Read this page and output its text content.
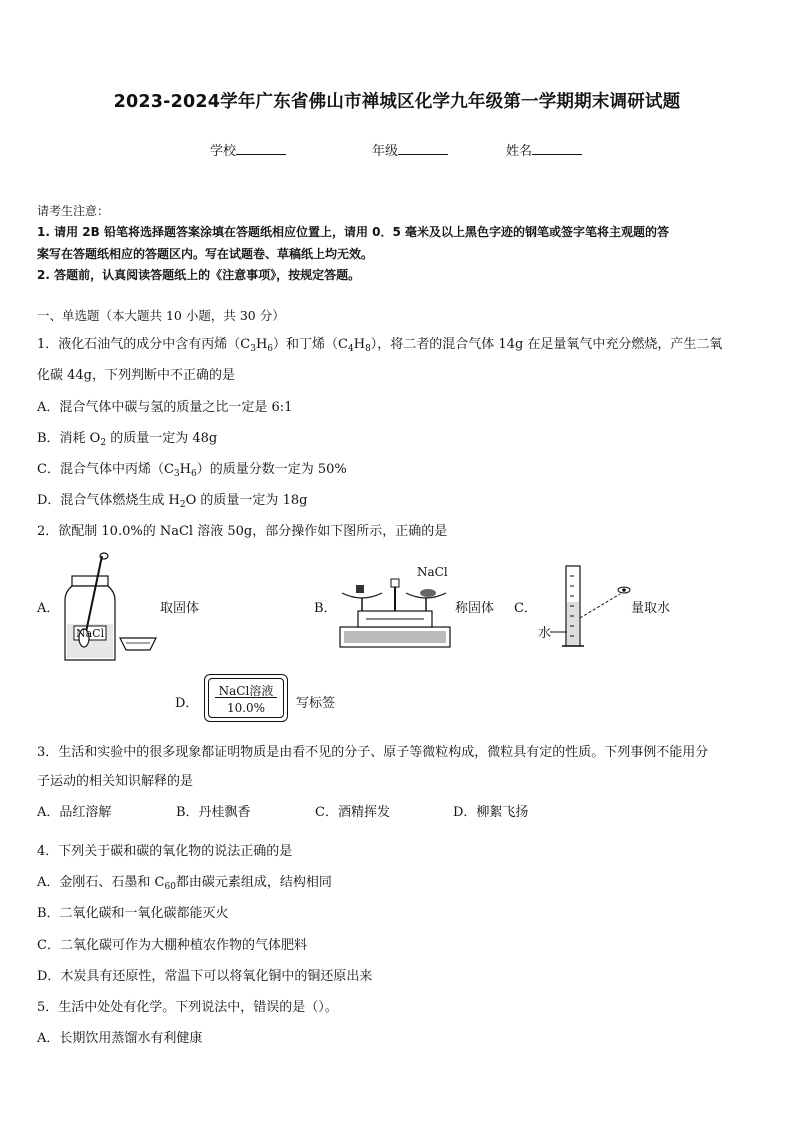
2023-2024学年广东省佛山市禅城区化学九年级第一学期期末调研试题
学校	年级	姓名
请考生注意：
1. 请用 2B 铅笔将选择题答案涂填在答题纸相应位置上，请用 0．5 毫米及以上黑色字迹的钢笔或签字笔将主观题的答
案写在答题纸相应的答题区内。写在试题卷、草稿纸上均无效。
2. 答题前，认真阅读答题纸上的《注意事项》，按规定答题。
一、单选题（本大题共 10 小题，共 30 分）
1．液化石油气的成分中含有丙烯$(C_3H_6)$和丁烯$(C_4H_8)$，将二者的混合气体 14g 在足量氧气中充分燃烧，产生二氧
化碳 44g，下列判断中不正确的是
A．混合气体中碳与氢的质量之比一定是 6:1
B．消耗 $O_2$ 的质量一定为 48g
C．混合气体中丙烯$(C_3H_6)$的质量分数一定为 50%
D．混合气体燃烧生成 $H_2O$ 的质量一定为 18g
2．欲配制 10.0%的 NaCl 溶液 50g，部分操作如下图所示，正确的是
A．
NaCl
取固体	B．
NaCl
称固体 C．
水
量取水
D．
NaCl溶液
10.0%	写标签
3．生活和实验中的很多现象都证明物质是由看不见的分子、原子等微粒构成，微粒具有定的性质。下列事例不能用分
子运动的相关知识解释的是
A．品红溶解	B．丹桂飘香	C．酒精挥发	D．柳絮飞扬
4．下列关于碳和碳的氧化物的说法正确的是
A．金刚石、石墨和 $C_{60}$都由碳元素组成，结构相同
B．二氧化碳和一氧化碳都能灭火
C．二氧化碳可作为大棚种植农作物的气体肥料
D．木炭具有还原性，常温下可以将氧化铜中的铜还原出来
5．生活中处处有化学。下列说法中，错误的是（）。
A．长期饮用蒸馏水有利健康
